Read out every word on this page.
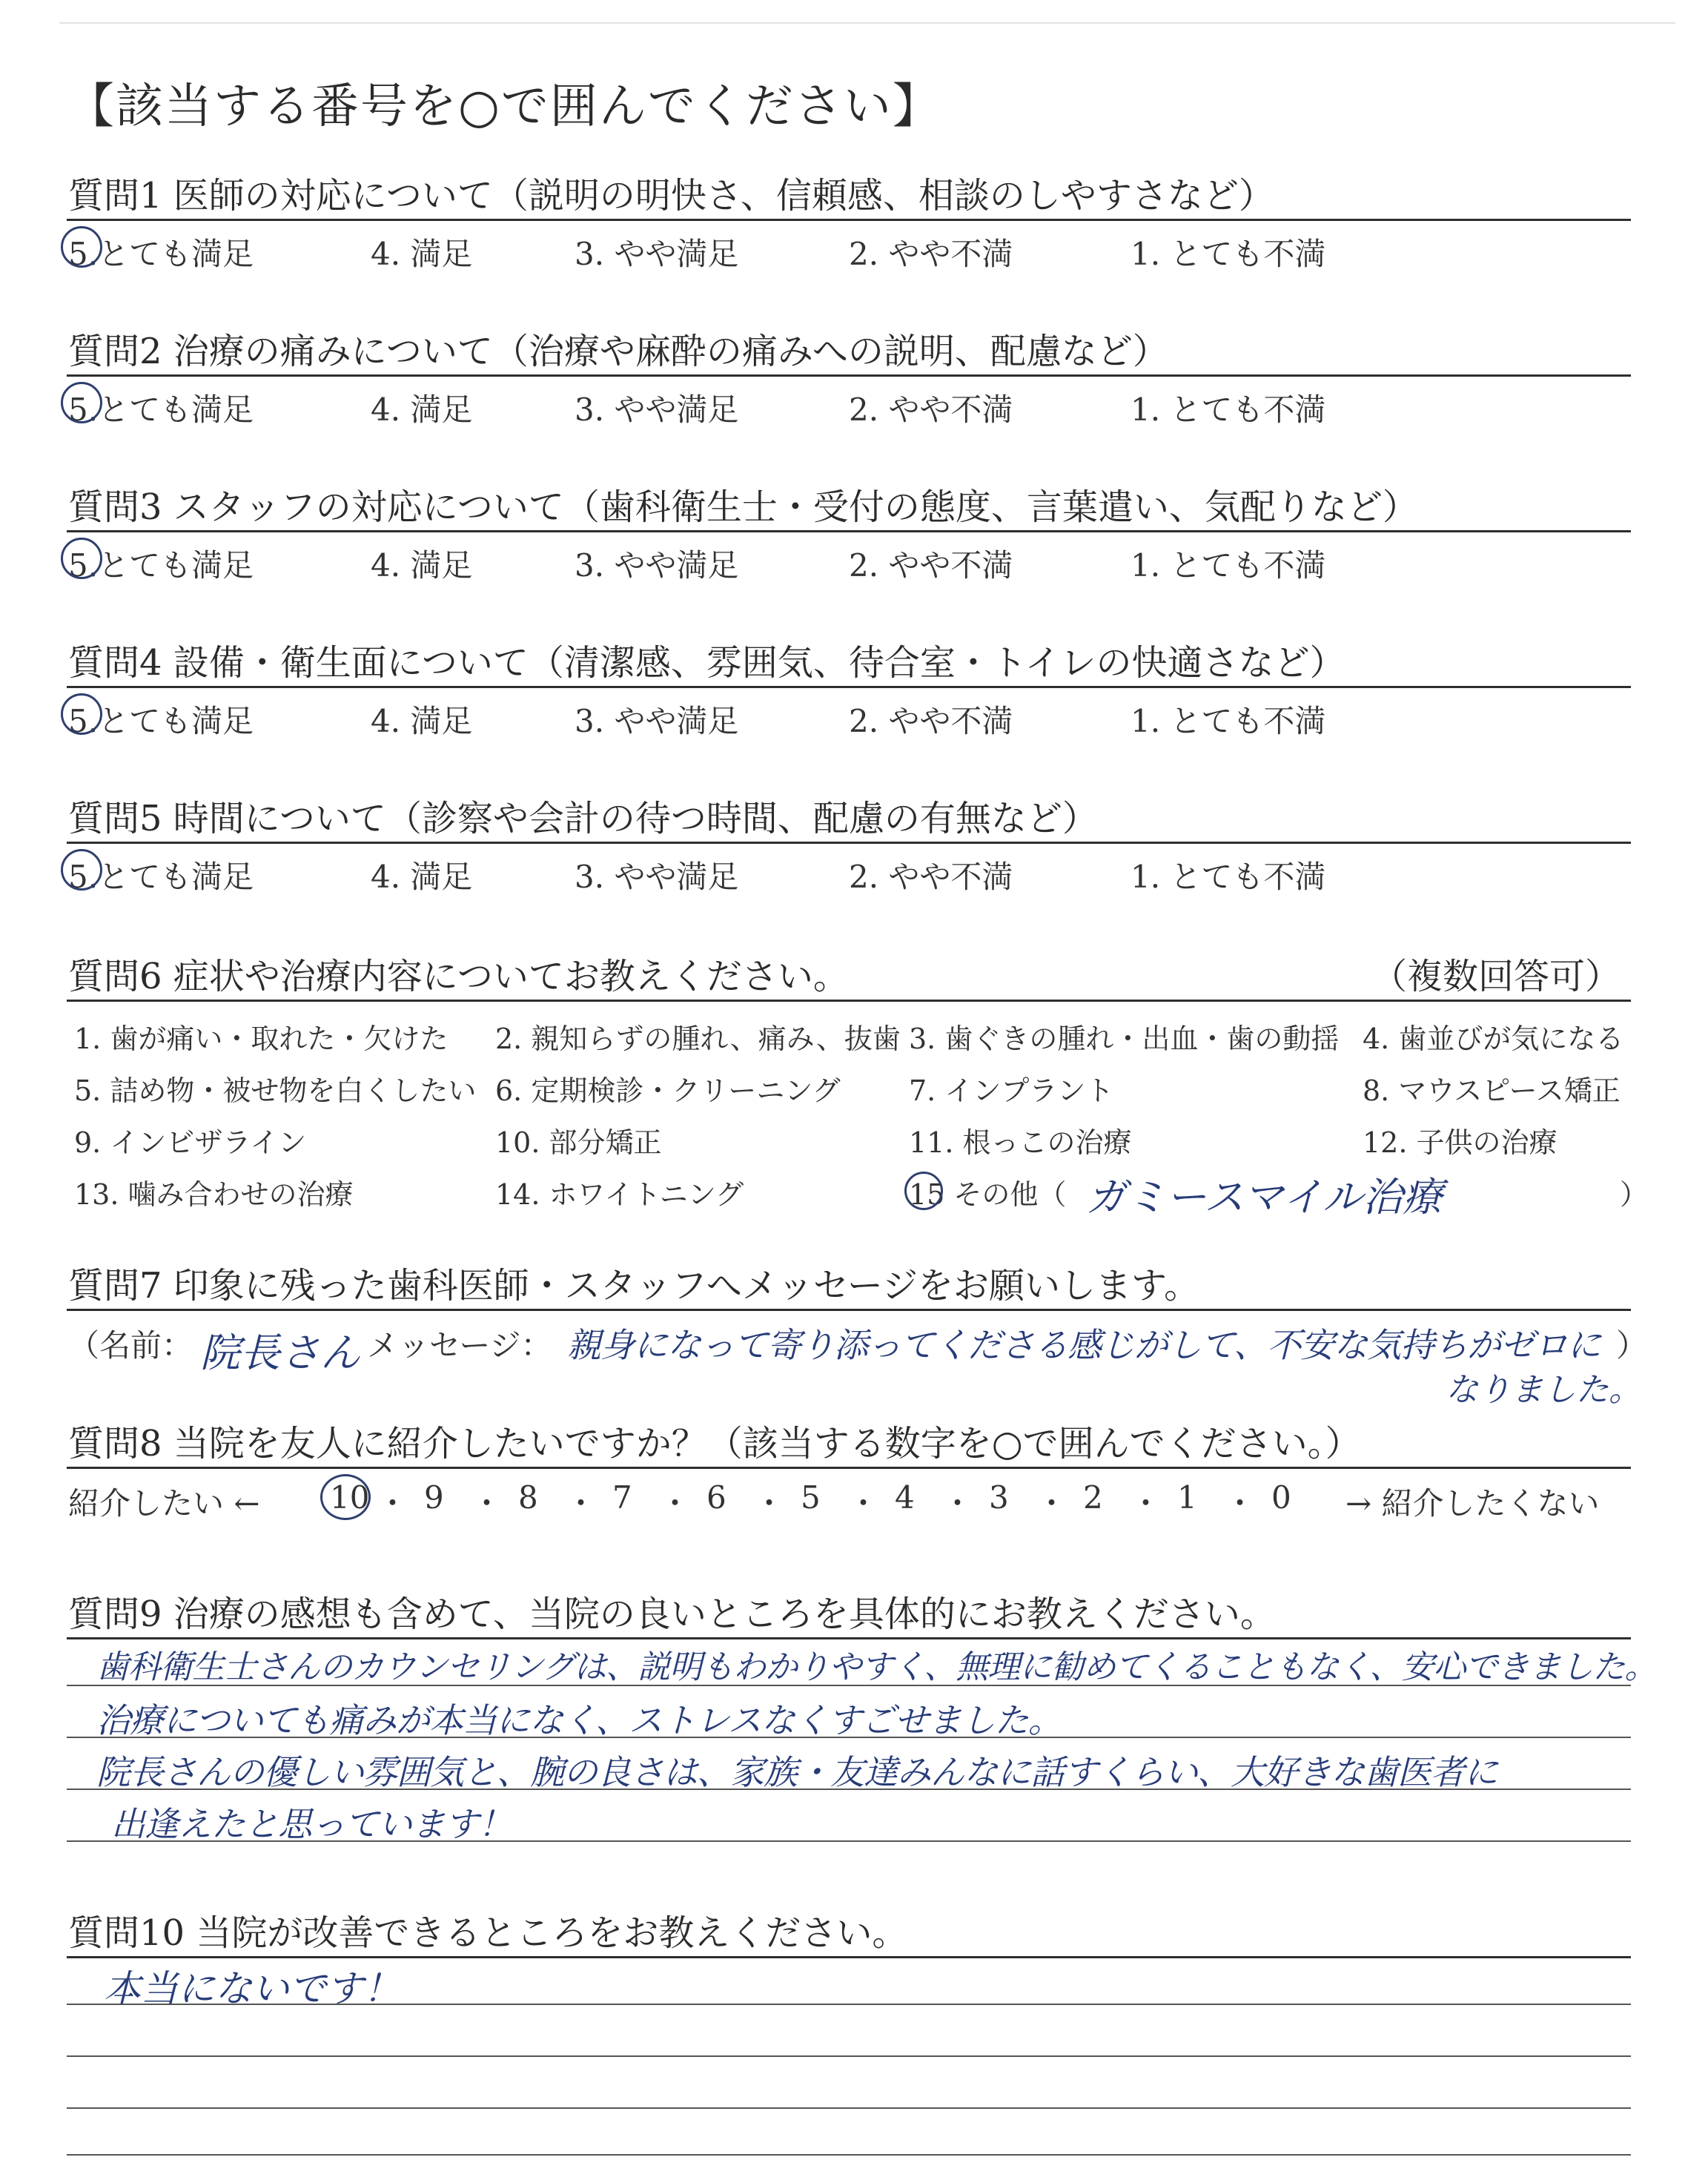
【該当する番号を○で囲んでください】
質問1 医師の対応について（説明の明快さ、信頼感、相談のしやすさなど）
5.とても満足	4. 満足	3. やや満足	2. やや不満	1. とても不満
質問2 治療の痛みについて（治療や麻酔の痛みへの説明、配慮など）
5.とても満足	4. 満足	3. やや満足	2. やや不満	1. とても不満
質問3 スタッフの対応について（歯科衛生士・受付の態度、言葉遣い、気配りなど）
5.とても満足	4. 満足	3. やや満足	2. やや不満	1. とても不満
質問4 設備・衛生面について（清潔感、雰囲気、待合室・トイレの快適さなど）
5.とても満足	4. 満足	3. やや満足	2. やや不満	1. とても不満
質問5 時間について（診察や会計の待つ時間、配慮の有無など）
5.とても満足	4. 満足	3. やや満足	2. やや不満	1. とても不満
質問6 症状や治療内容についてお教えください。	（複数回答可）
1. 歯が痛い・取れた・欠けた 2. 親知らずの腫れ、痛み、抜歯 3. 歯ぐきの腫れ・出血・歯の動揺 4. 歯並びが気になる
5. 詰め物・被せ物を白くしたい 6. 定期検診・クリーニング 7. インプラント	8. マウスピース矯正
9. インビザライン	10. 部分矯正	11. 根っこの治療	12. 子供の治療
13. 噛み合わせの治療	14. ホワイトニング	15 その他（	）
ガミースマイル治療
質問7 印象に残った歯科医師・スタッフへメッセージをお願いします。
（名前： 院長さん メッセージ： 親身になって寄り添ってくださる感じがして、不安な気持ちがゼロに ）
なりました。
質問8 当院を友人に紹介したいですか？（該当する数字を○で囲んでください。）
紹介したい ← 10 ・ 9 ・ 8 ・ 7 ・ 6 ・ 5 ・ 4 ・ 3 ・ 2 ・ 1 ・ 0 → 紹介したくない
質問9 治療の感想も含めて、当院の良いところを具体的にお教えください。
歯科衛生士さんのカウンセリングは、説明もわかりやすく、無理に勧めてくることもなく、安心できました。
治療についても痛みが本当になく、ストレスなくすごせました。
院長さんの優しい雰囲気と、腕の良さは、家族・友達みんなに話すくらい、大好きな歯医者に
出逢えたと思っています！
質問10 当院が改善できるところをお教えください。
本当にないです！
